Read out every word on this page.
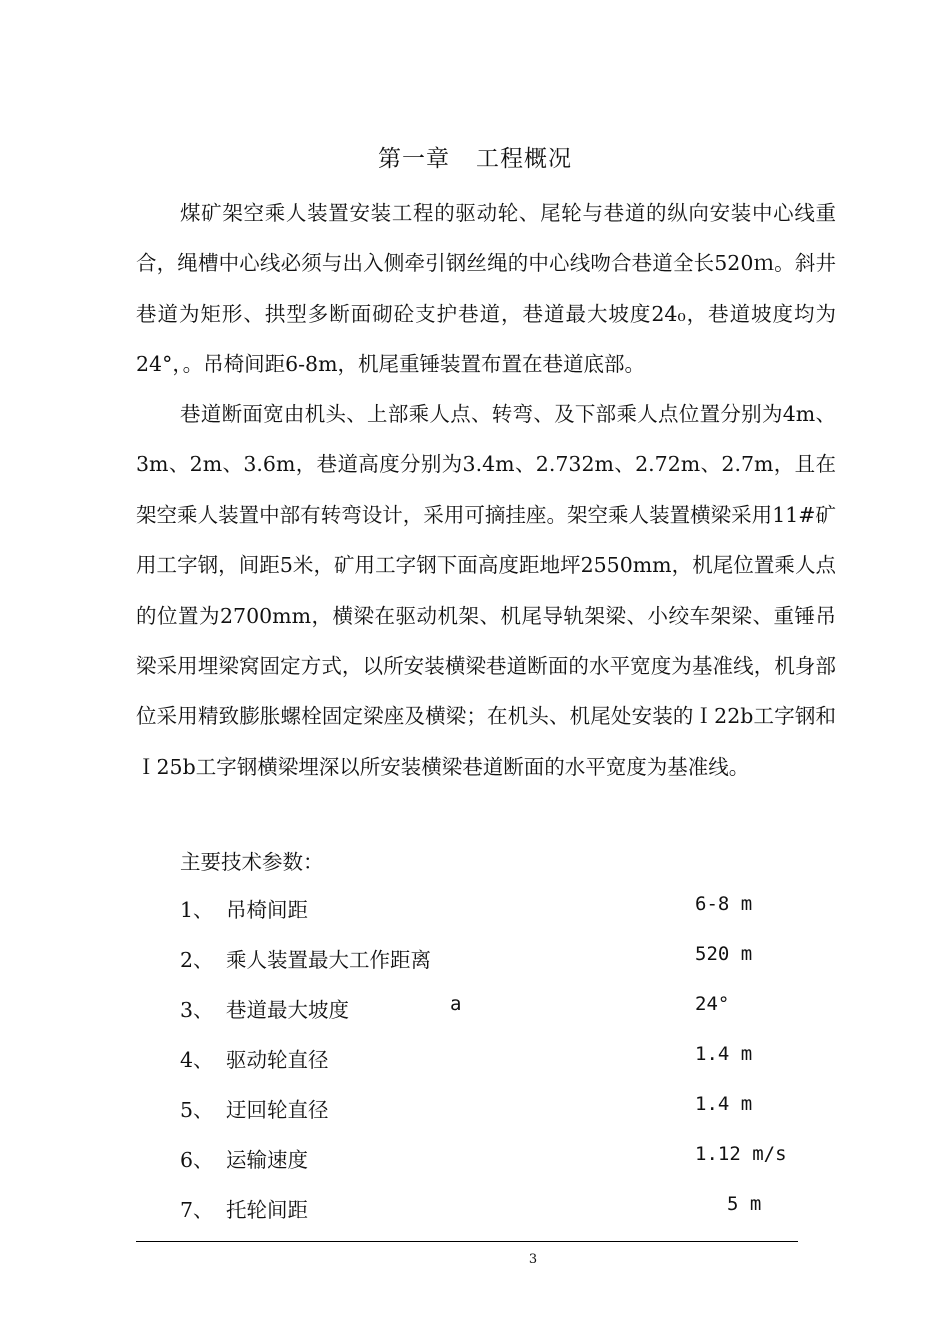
第一章 工程概况

煤矿架空乘人装置安装工程的驱动轮、尾轮与巷道的纵向安装中心线重合，绳槽中心线必须与出入侧牵引钢丝绳的中心线吻合巷道全长520ｍ。斜井巷道为矩形、拱型多断面砌砼支护巷道，巷道最大坡度24₀，巷道坡度均为24°，。吊椅间距6-8m，机尾重锤装置布置在巷道底部。

巷道断面宽由机头、上部乘人点、转弯、及下部乘人点位置分别为4m、3m、2m、3.6m，巷道高度分别为3.4m、2.732m、2.72m、2.7m，且在架空乘人装置中部有转弯设计，采用可摘挂座。架空乘人装置横梁采用11#矿用工字钢，间距5米，矿用工字钢下面高度距地坪2550mm，机尾位置乘人点的位置为2700mm，横梁在驱动机架、机尾导轨架梁、小绞车架梁、重锤吊梁采用埋梁窝固定方式，以所安装横梁巷道断面的水平宽度为基准线，机身部位采用精致膨胀螺栓固定梁座及横梁；在机头、机尾处安装的Ｉ22b工字钢和Ｉ25b工字钢横梁埋深以所安装横梁巷道断面的水平宽度为基准线。

主要技术参数：
1、 吊椅间距	6-8 m
2、 乘人装置最大工作距离	520 m
3、 巷道最大坡度	a	24°
4、 驱动轮直径	1.4 m
5、 迂回轮直径	1.4 m
6、 运输速度	1.12 m/s
7、 托轮间距	5 m
3
